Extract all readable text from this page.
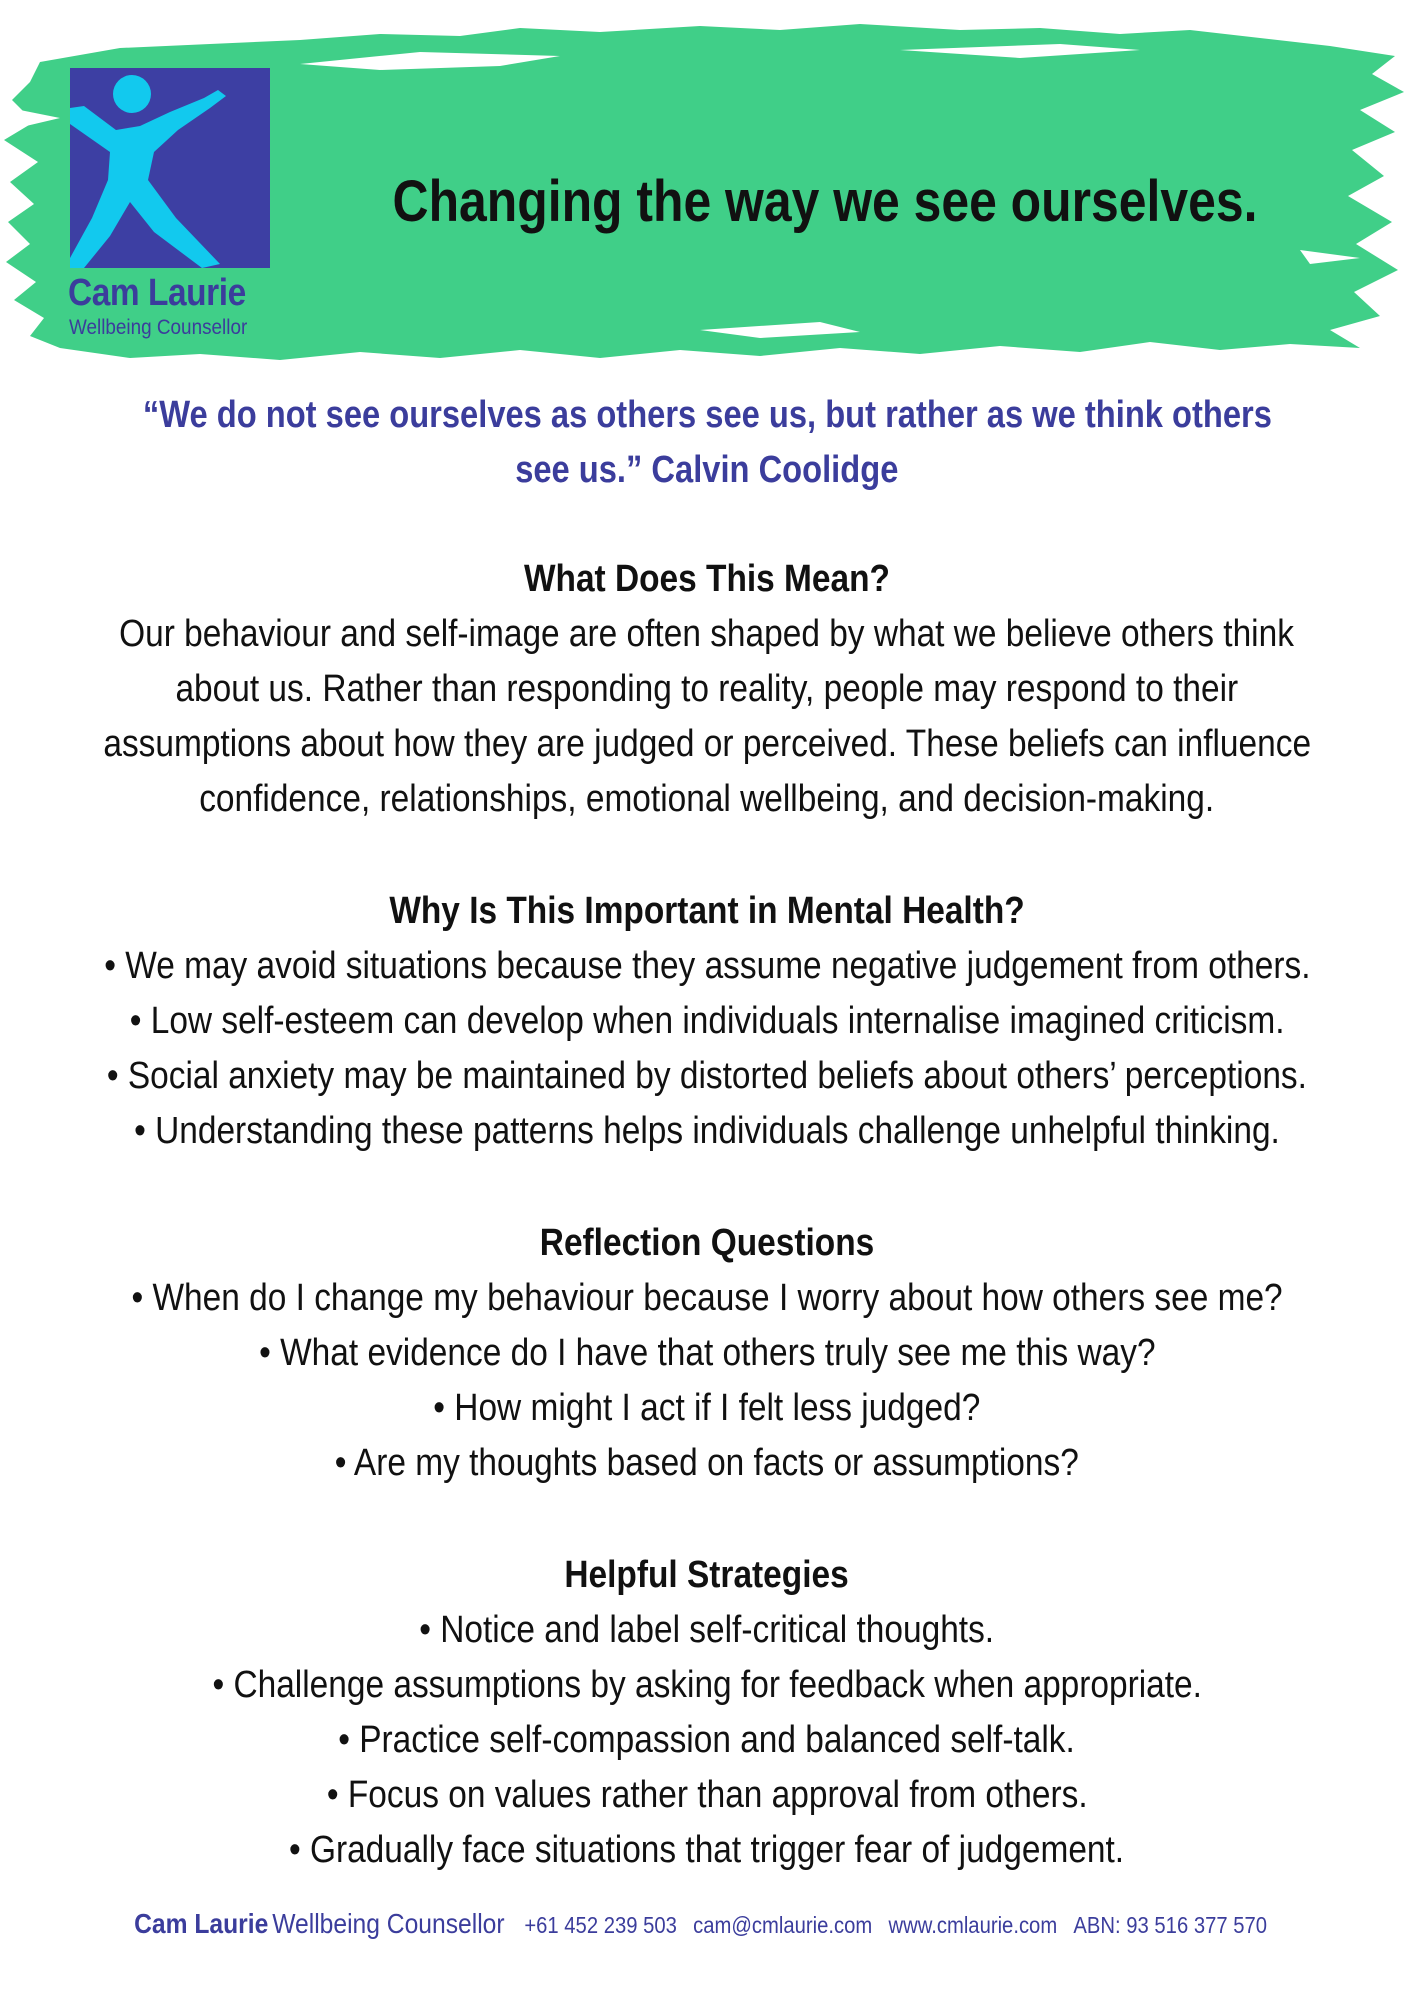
Cam Laurie
Wellbeing Counsellor
Changing the way we see ourselves.
“We do not see ourselves as others see us, but rather as we think others
see us.” Calvin Coolidge
What Does This Mean?
Our behaviour and self-image are often shaped by what we believe others think
about us. Rather than responding to reality, people may respond to their
assumptions about how they are judged or perceived. These beliefs can influence
confidence, relationships, emotional wellbeing, and decision-making.
Why Is This Important in Mental Health?
• We may avoid situations because they assume negative judgement from others.
• Low self-esteem can develop when individuals internalise imagined criticism.
• Social anxiety may be maintained by distorted beliefs about others’ perceptions.
• Understanding these patterns helps individuals challenge unhelpful thinking.
Reflection Questions
• When do I change my behaviour because I worry about how others see me?
• What evidence do I have that others truly see me this way?
• How might I act if I felt less judged?
• Are my thoughts based on facts or assumptions?
Helpful Strategies
• Notice and label self-critical thoughts.
• Challenge assumptions by asking for feedback when appropriate.
• Practice self-compassion and balanced self-talk.
• Focus on values rather than approval from others.
• Gradually face situations that trigger fear of judgement.
Cam Laurie Wellbeing Counsellor +61 452 239 503 cam@cmlaurie.com www.cmlaurie.com ABN: 93 516 377 570
